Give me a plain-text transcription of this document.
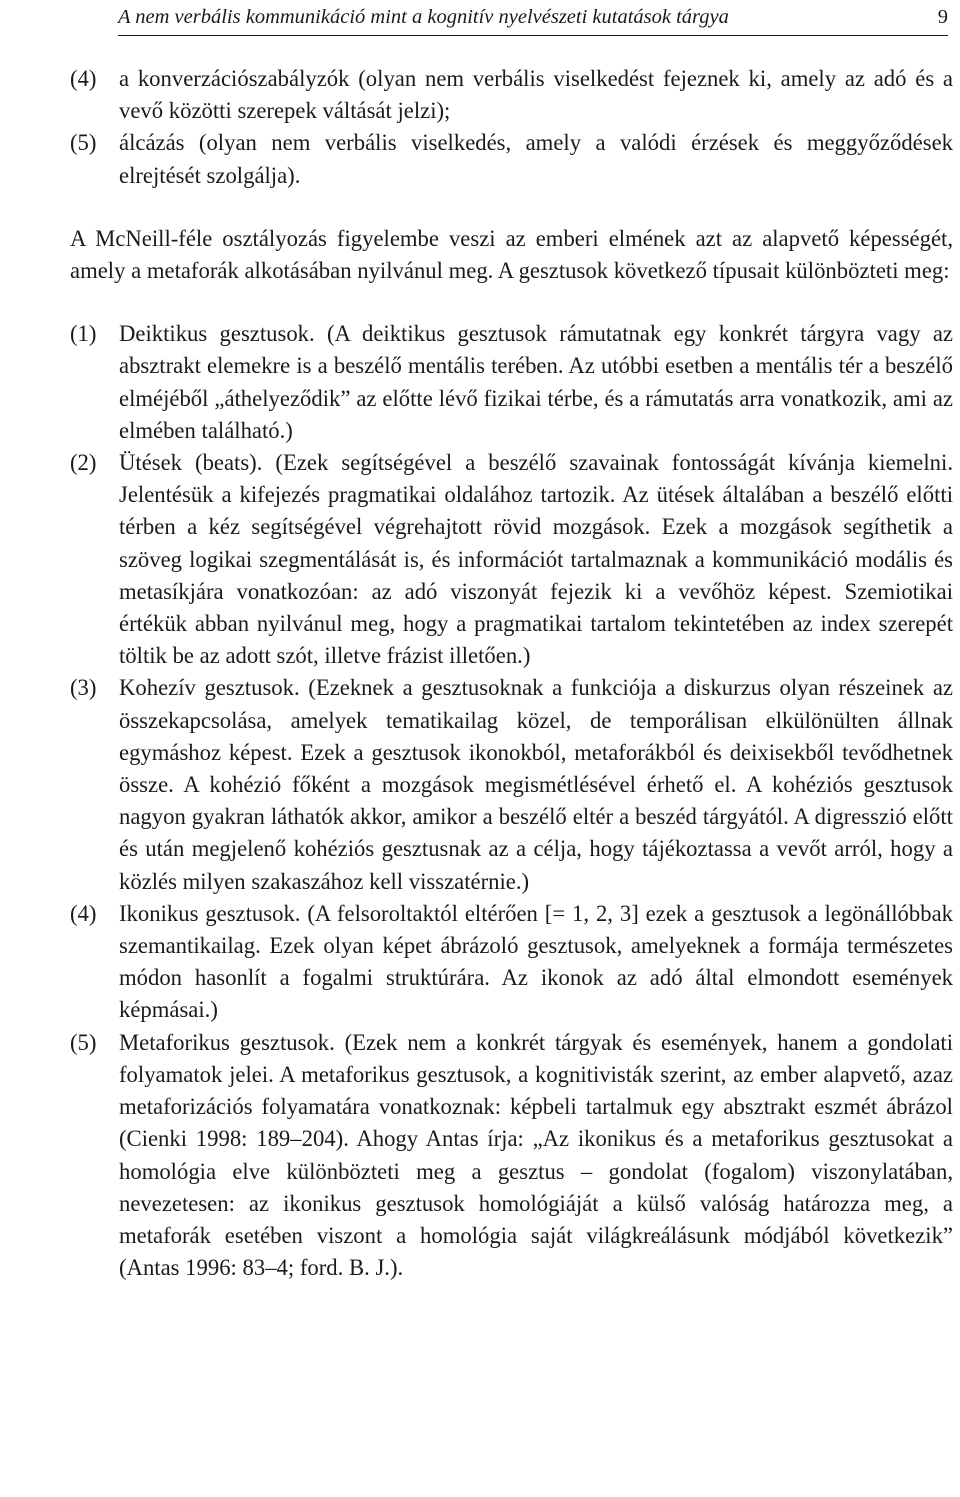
A nem verbális kommunikáció mint a kognitív nyelvészeti kutatások tárgya	9
(4) a konverzációszabályzók (olyan nem verbális viselkedést fejeznek ki, amely az adó és a vevő közötti szerepek váltását jelzi);
(5) álcázás (olyan nem verbális viselkedés, amely a valódi érzések és meggyőződések elrejtését szolgálja).

A McNeill-féle osztályozás figyelembe veszi az emberi elmének azt az alapvető képességét, amely a metaforák alkotásában nyilvánul meg. A gesztusok következő típusait különbözteti meg:

(1) Deiktikus gesztusok. (A deiktikus gesztusok rámutatnak egy konkrét tárgyra vagy az absztrakt elemekre is a beszélő mentális terében. Az utóbbi esetben a mentális tér a beszélő elméjéből „áthelyeződik” az előtte lévő fizikai térbe, és a rámutatás arra vonatkozik, ami az elmében található.)
(2) Ütések (beats). (Ezek segítségével a beszélő szavainak fontosságát kívánja kiemelni. Jelentésük a kifejezés pragmatikai oldalához tartozik. Az ütések általában a beszélő előtti térben a kéz segítségével végrehajtott rövid mozgások. Ezek a mozgások segíthetik a szöveg logikai szegmentálását is, és információt tartalmaznak a kommunikáció modális és metasíkjára vonatkozóan: az adó viszonyát fejezik ki a vevőhöz képest. Szemiotikai értékük abban nyilvánul meg, hogy a pragmatikai tartalom tekintetében az index szerepét töltik be az adott szót, illetve frázist illetően.)
(3) Kohezív gesztusok. (Ezeknek a gesztusoknak a funkciója a diskurzus olyan részeinek az összekapcsolása, amelyek tematikailag közel, de temporálisan elkülönülten állnak egymáshoz képest. Ezek a gesztusok ikonokból, metaforákból és deixisekből tevődhetnek össze. A kohézió főként a mozgások megismétlésével érhető el. A kohéziós gesztusok nagyon gyakran láthatók akkor, amikor a beszélő eltér a beszéd tárgyától. A digresszió előtt és után megjelenő kohéziós gesztusnak az a célja, hogy tájékoztassa a vevőt arról, hogy a közlés milyen szakaszához kell visszatérnie.)
(4) Ikonikus gesztusok. (A felsoroltaktól eltérően [= 1, 2, 3] ezek a gesztusok a legönállóbbak szemantikailag. Ezek olyan képet ábrázoló gesztusok, amelyeknek a formája természetes módon hasonlít a fogalmi struktúrára. Az ikonok az adó által elmondott események képmásai.)
(5) Metaforikus gesztusok. (Ezek nem a konkrét tárgyak és események, hanem a gondolati folyamatok jelei. A metaforikus gesztusok, a kognitivisták szerint, az ember alapvető, azaz metaforizációs folyamatára vonatkoznak: képbeli tartalmuk egy absztrakt eszmét ábrázol (Cienki 1998: 189–204). Ahogy Antas írja: „Az ikonikus és a metaforikus gesztusokat a homológia elve különbözteti meg a gesztus – gondolat (fogalom) viszonylatában, nevezetesen: az ikonikus gesztusok homológiáját a külső valóság határozza meg, a metaforák esetében viszont a homológia saját világkreálásunk módjából következik” (Antas 1996: 83–4; ford. B. J.).
